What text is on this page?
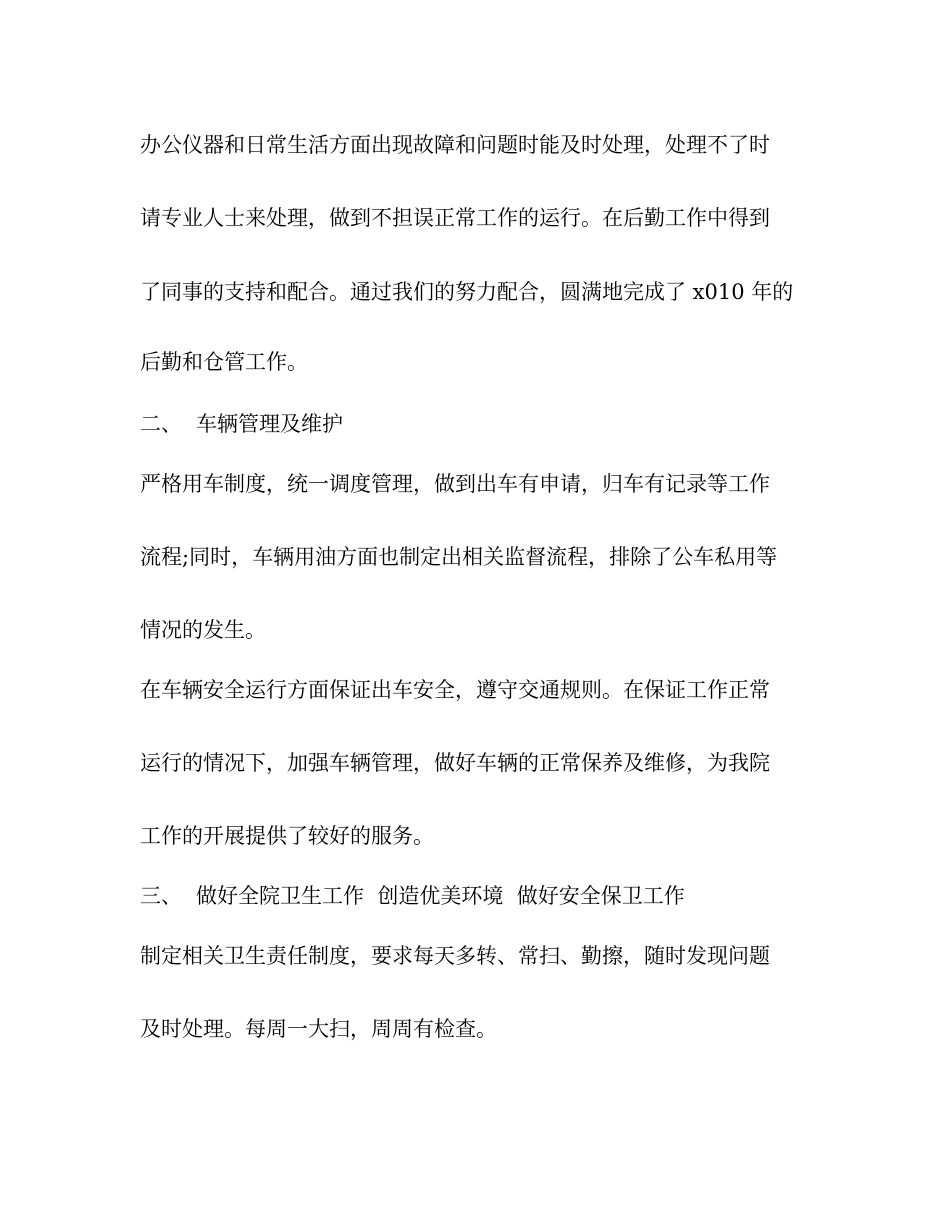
办公仪器和日常生活方面出现故障和问题时能及时处理，处理不了时
请专业人士来处理，做到不担误正常工作的运行。在后勤工作中得到
了同事的支持和配合。通过我们的努力配合，圆满地完成了 x010 年的
后勤和仓管工作。
二、 车辆管理及维护
严格用车制度，统一调度管理，做到出车有申请，归车有记录等工作
流程;同时，车辆用油方面也制定出相关监督流程，排除了公车私用等
情况的发生。
在车辆安全运行方面保证出车安全，遵守交通规则。在保证工作正常
运行的情况下，加强车辆管理，做好车辆的正常保养及维修，为我院
工作的开展提供了较好的服务。
三、 做好全院卫生工作  创造优美环境  做好安全保卫工作
制定相关卫生责任制度，要求每天多转、常扫、勤擦，随时发现问题
及时处理。每周一大扫，周周有检查。
